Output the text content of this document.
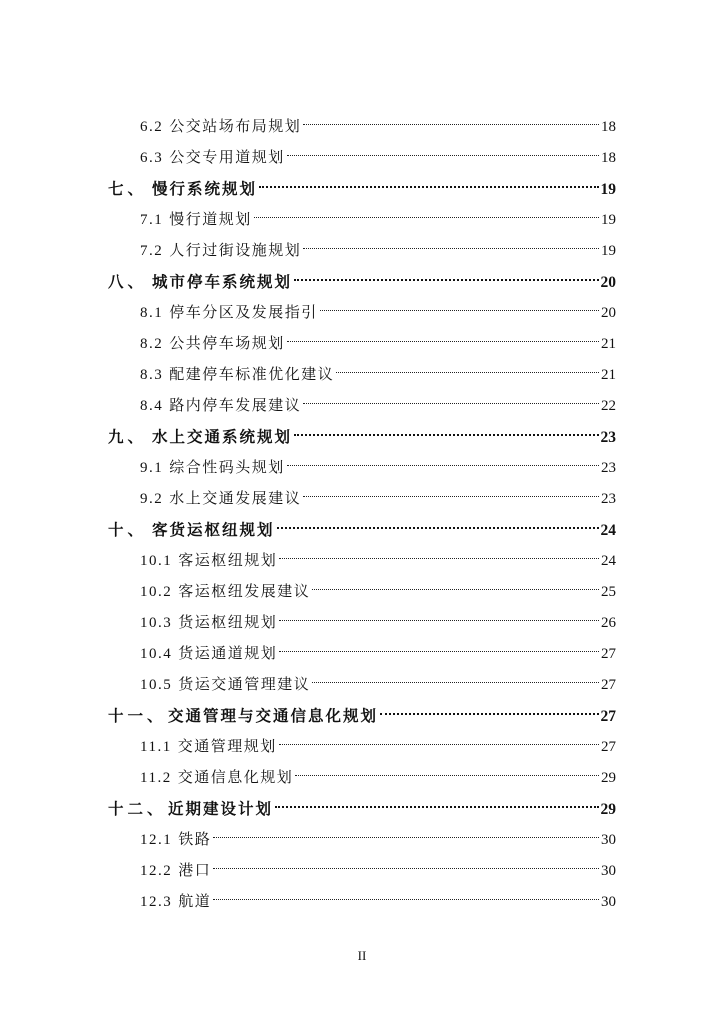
6.2 公交站场布局规划	18
6.3 公交专用道规划	18
七、 慢行系统规划	19
7.1 慢行道规划	19
7.2 人行过街设施规划	19
八、 城市停车系统规划	20
8.1 停车分区及发展指引	20
8.2 公共停车场规划	21
8.3 配建停车标准优化建议	21
8.4 路内停车发展建议	22
九、 水上交通系统规划	23
9.1 综合性码头规划	23
9.2 水上交通发展建议	23
十、 客货运枢纽规划	24
10.1 客运枢纽规划	24
10.2 客运枢纽发展建议	25
10.3 货运枢纽规划	26
10.4 货运通道规划	27
10.5 货运交通管理建议	27
十一、 交通管理与交通信息化规划	27
11.1 交通管理规划	27
11.2 交通信息化规划	29
十二、 近期建设计划	29
12.1 铁路	30
12.2 港口	30
12.3 航道	30
II
